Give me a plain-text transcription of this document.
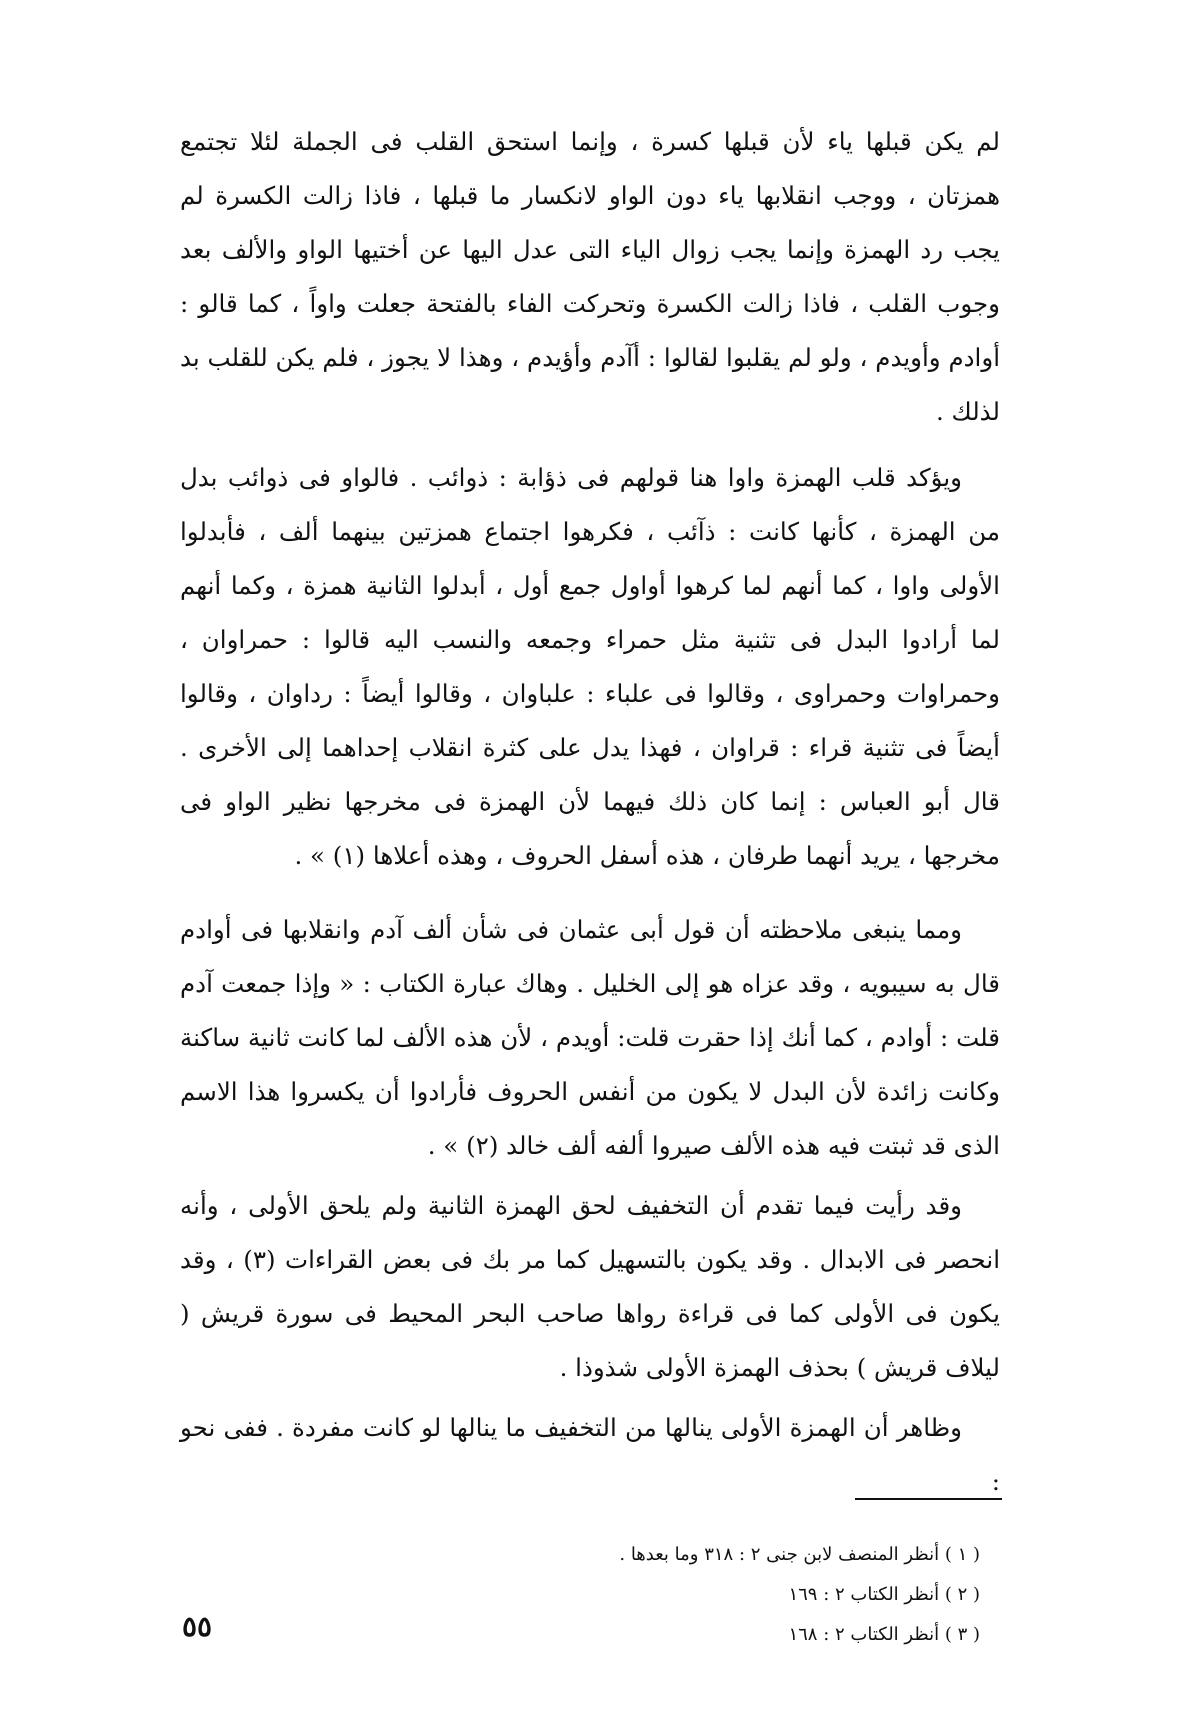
لم يكن قبلها ياء لأن قبلها كسرة ، وإنما استحق القلب فى الجملة لئلا تجتمع همزتان ، ووجب انقلابها ياء دون الواو لانكسار ما قبلها ، فاذا زالت الكسرة لم يجب رد الهمزة وإنما يجب زوال الياء التى عدل اليها عن أختيها الواو والألف بعد وجوب القلب ، فاذا زالت الكسرة وتحركت الفاء بالفتحة جعلت واواً ، كما قالو : أوادم وأويدم ، ولو لم يقلبوا لقالوا : أآدم وأؤيدم ، وهذا لا يجوز ، فلم يكن للقلب بد لذلك .

ويؤكد قلب الهمزة واوا هنا قولهم فى ذؤابة : ذوائب . فالواو فى ذوائب بدل من الهمزة ، كأنها كانت : ذآئب ، فكرهوا اجتماع همزتين بينهما ألف ، فأبدلوا الأولى واوا ، كما أنهم لما كرهوا أواول جمع أول ، أبدلوا الثانية همزة ، وكما أنهم لما أرادوا البدل فى تثنية مثل حمراء وجمعه والنسب اليه قالوا : حمراوان ، وحمراوات وحمراوى ، وقالوا فى علباء : علباوان ، وقالوا أيضاً : رداوان ، وقالوا أيضاً فى تثنية قراء : قراوان ، فهذا يدل على كثرة انقلاب إحداهما إلى الأخرى . قال أبو العباس : إنما كان ذلك فيهما لأن الهمزة فى مخرجها نظير الواو فى مخرجها ، يريد أنهما طرفان ، هذه أسفل الحروف ، وهذه أعلاها (١) » .

ومما ينبغى ملاحظته أن قول أبى عثمان فى شأن ألف آدم وانقلابها فى أوادم قال به سيبويه ، وقد عزاه هو إلى الخليل . وهاك عبارة الكتاب : « وإذا جمعت آدم قلت : أوادم ، كما أنك إذا حقرت قلت: أويدم ، لأن هذه الألف لما كانت ثانية ساكنة وكانت زائدة لأن البدل لا يكون من أنفس الحروف فأرادوا أن يكسروا هذا الاسم الذى قد ثبتت فيه هذه الألف صيروا ألفه ألف خالد (٢) » .

وقد رأيت فيما تقدم أن التخفيف لحق الهمزة الثانية ولم يلحق الأولى ، وأنه انحصر فى الابدال . وقد يكون بالتسهيل كما مر بك فى بعض القراءات (٣) ، وقد يكون فى الأولى كما فى قراءة رواها صاحب البحر المحيط فى سورة قريش ( ليلاف قريش ) بحذف الهمزة الأولى شذوذا .

وظاهر أن الهمزة الأولى ينالها من التخفيف ما ينالها لو كانت مفردة . ففى نحو :

( ١ ) أنظر المنصف لابن جنى ٢ : ٣١٨ وما بعدها .

( ٢ ) أنظر الكتاب ٢ : ١٦٩

( ٣ ) أنظر الكتاب ٢ : ١٦٨

٥٥
